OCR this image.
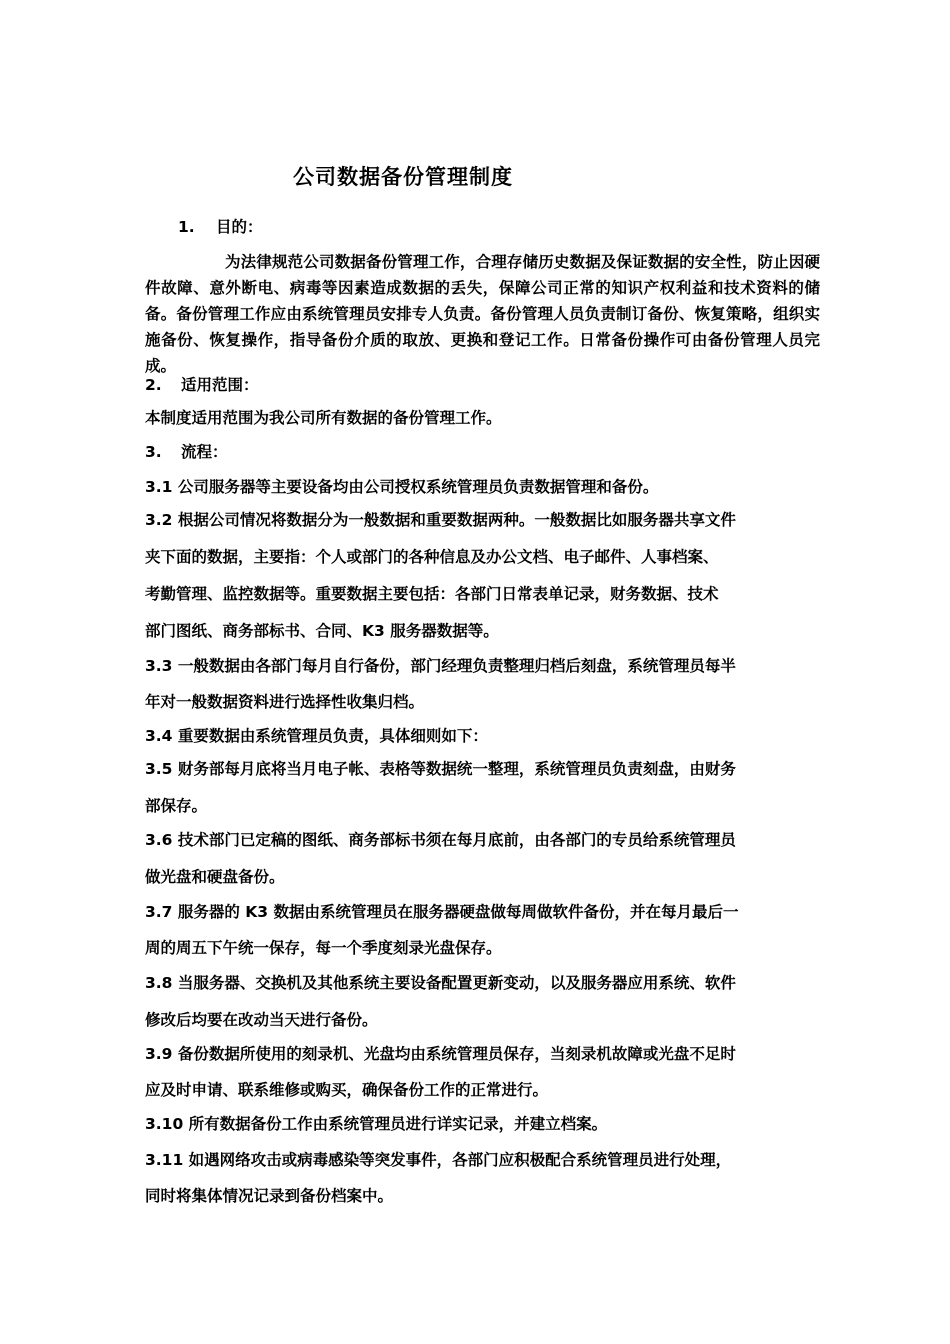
公司数据备份管理制度
1. 目的：
为法律规范公司数据备份管理工作，合理存储历史数据及保证数据的安全性，防止因硬件故障、意外断电、病毒等因素造成数据的丢失，保障公司正常的知识产权利益和技术资料的储备。备份管理工作应由系统管理员安排专人负责。备份管理人员负责制订备份、恢复策略，组织实施备份、恢复操作，指导备份介质的取放、更换和登记工作。日常备份操作可由备份管理人员完成。
2. 适用范围：
本制度适用范围为我公司所有数据的备份管理工作。
3. 流程：
3.1 公司服务器等主要设备均由公司授权系统管理员负责数据管理和备份。
3.2 根据公司情况将数据分为一般数据和重要数据两种。一般数据比如服务器共享文件
夹下面的数据，主要指：个人或部门的各种信息及办公文档、电子邮件、人事档案、
考勤管理、监控数据等。重要数据主要包括：各部门日常表单记录，财务数据、技术
部门图纸、商务部标书、合同、K3 服务器数据等。
3.3 一般数据由各部门每月自行备份，部门经理负责整理归档后刻盘，系统管理员每半
年对一般数据资料进行选择性收集归档。
3.4 重要数据由系统管理员负责，具体细则如下：
3.5 财务部每月底将当月电子帐、表格等数据统一整理，系统管理员负责刻盘，由财务
部保存。
3.6 技术部门已定稿的图纸、商务部标书须在每月底前，由各部门的专员给系统管理员
做光盘和硬盘备份。
3.7 服务器的 K3 数据由系统管理员在服务器硬盘做每周做软件备份，并在每月最后一
周的周五下午统一保存，每一个季度刻录光盘保存。
3.8 当服务器、交换机及其他系统主要设备配置更新变动，以及服务器应用系统、软件
修改后均要在改动当天进行备份。
3.9 备份数据所使用的刻录机、光盘均由系统管理员保存，当刻录机故障或光盘不足时
应及时申请、联系维修或购买，确保备份工作的正常进行。
3.10 所有数据备份工作由系统管理员进行详实记录，并建立档案。
3.11 如遇网络攻击或病毒感染等突发事件，各部门应积极配合系统管理员进行处理，
同时将集体情况记录到备份档案中。
